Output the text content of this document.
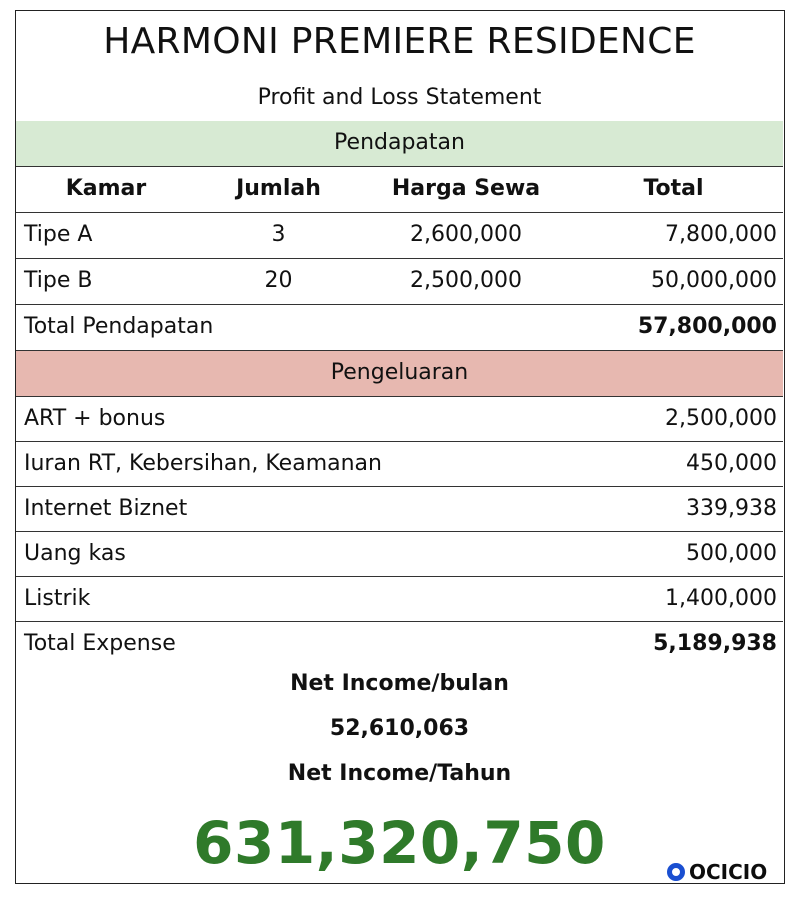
HARMONI PREMIERE RESIDENCE
Profit and Loss Statement
Pendapatan
Kamar	Jumlah	Harga Sewa	Total
Tipe A	3	2,600,000	7,800,000
Tipe B	20	2,500,000	50,000,000
Total Pendapatan	57,800,000
Pengeluaran
ART + bonus	2,500,000
Iuran RT, Kebersihan, Keamanan	450,000
Internet Biznet	339,938
Uang kas	500,000
Listrik	1,400,000
Total Expense	5,189,938
Net Income/bulan
52,610,063
Net Income/Tahun
631,320,750	OCICIO
